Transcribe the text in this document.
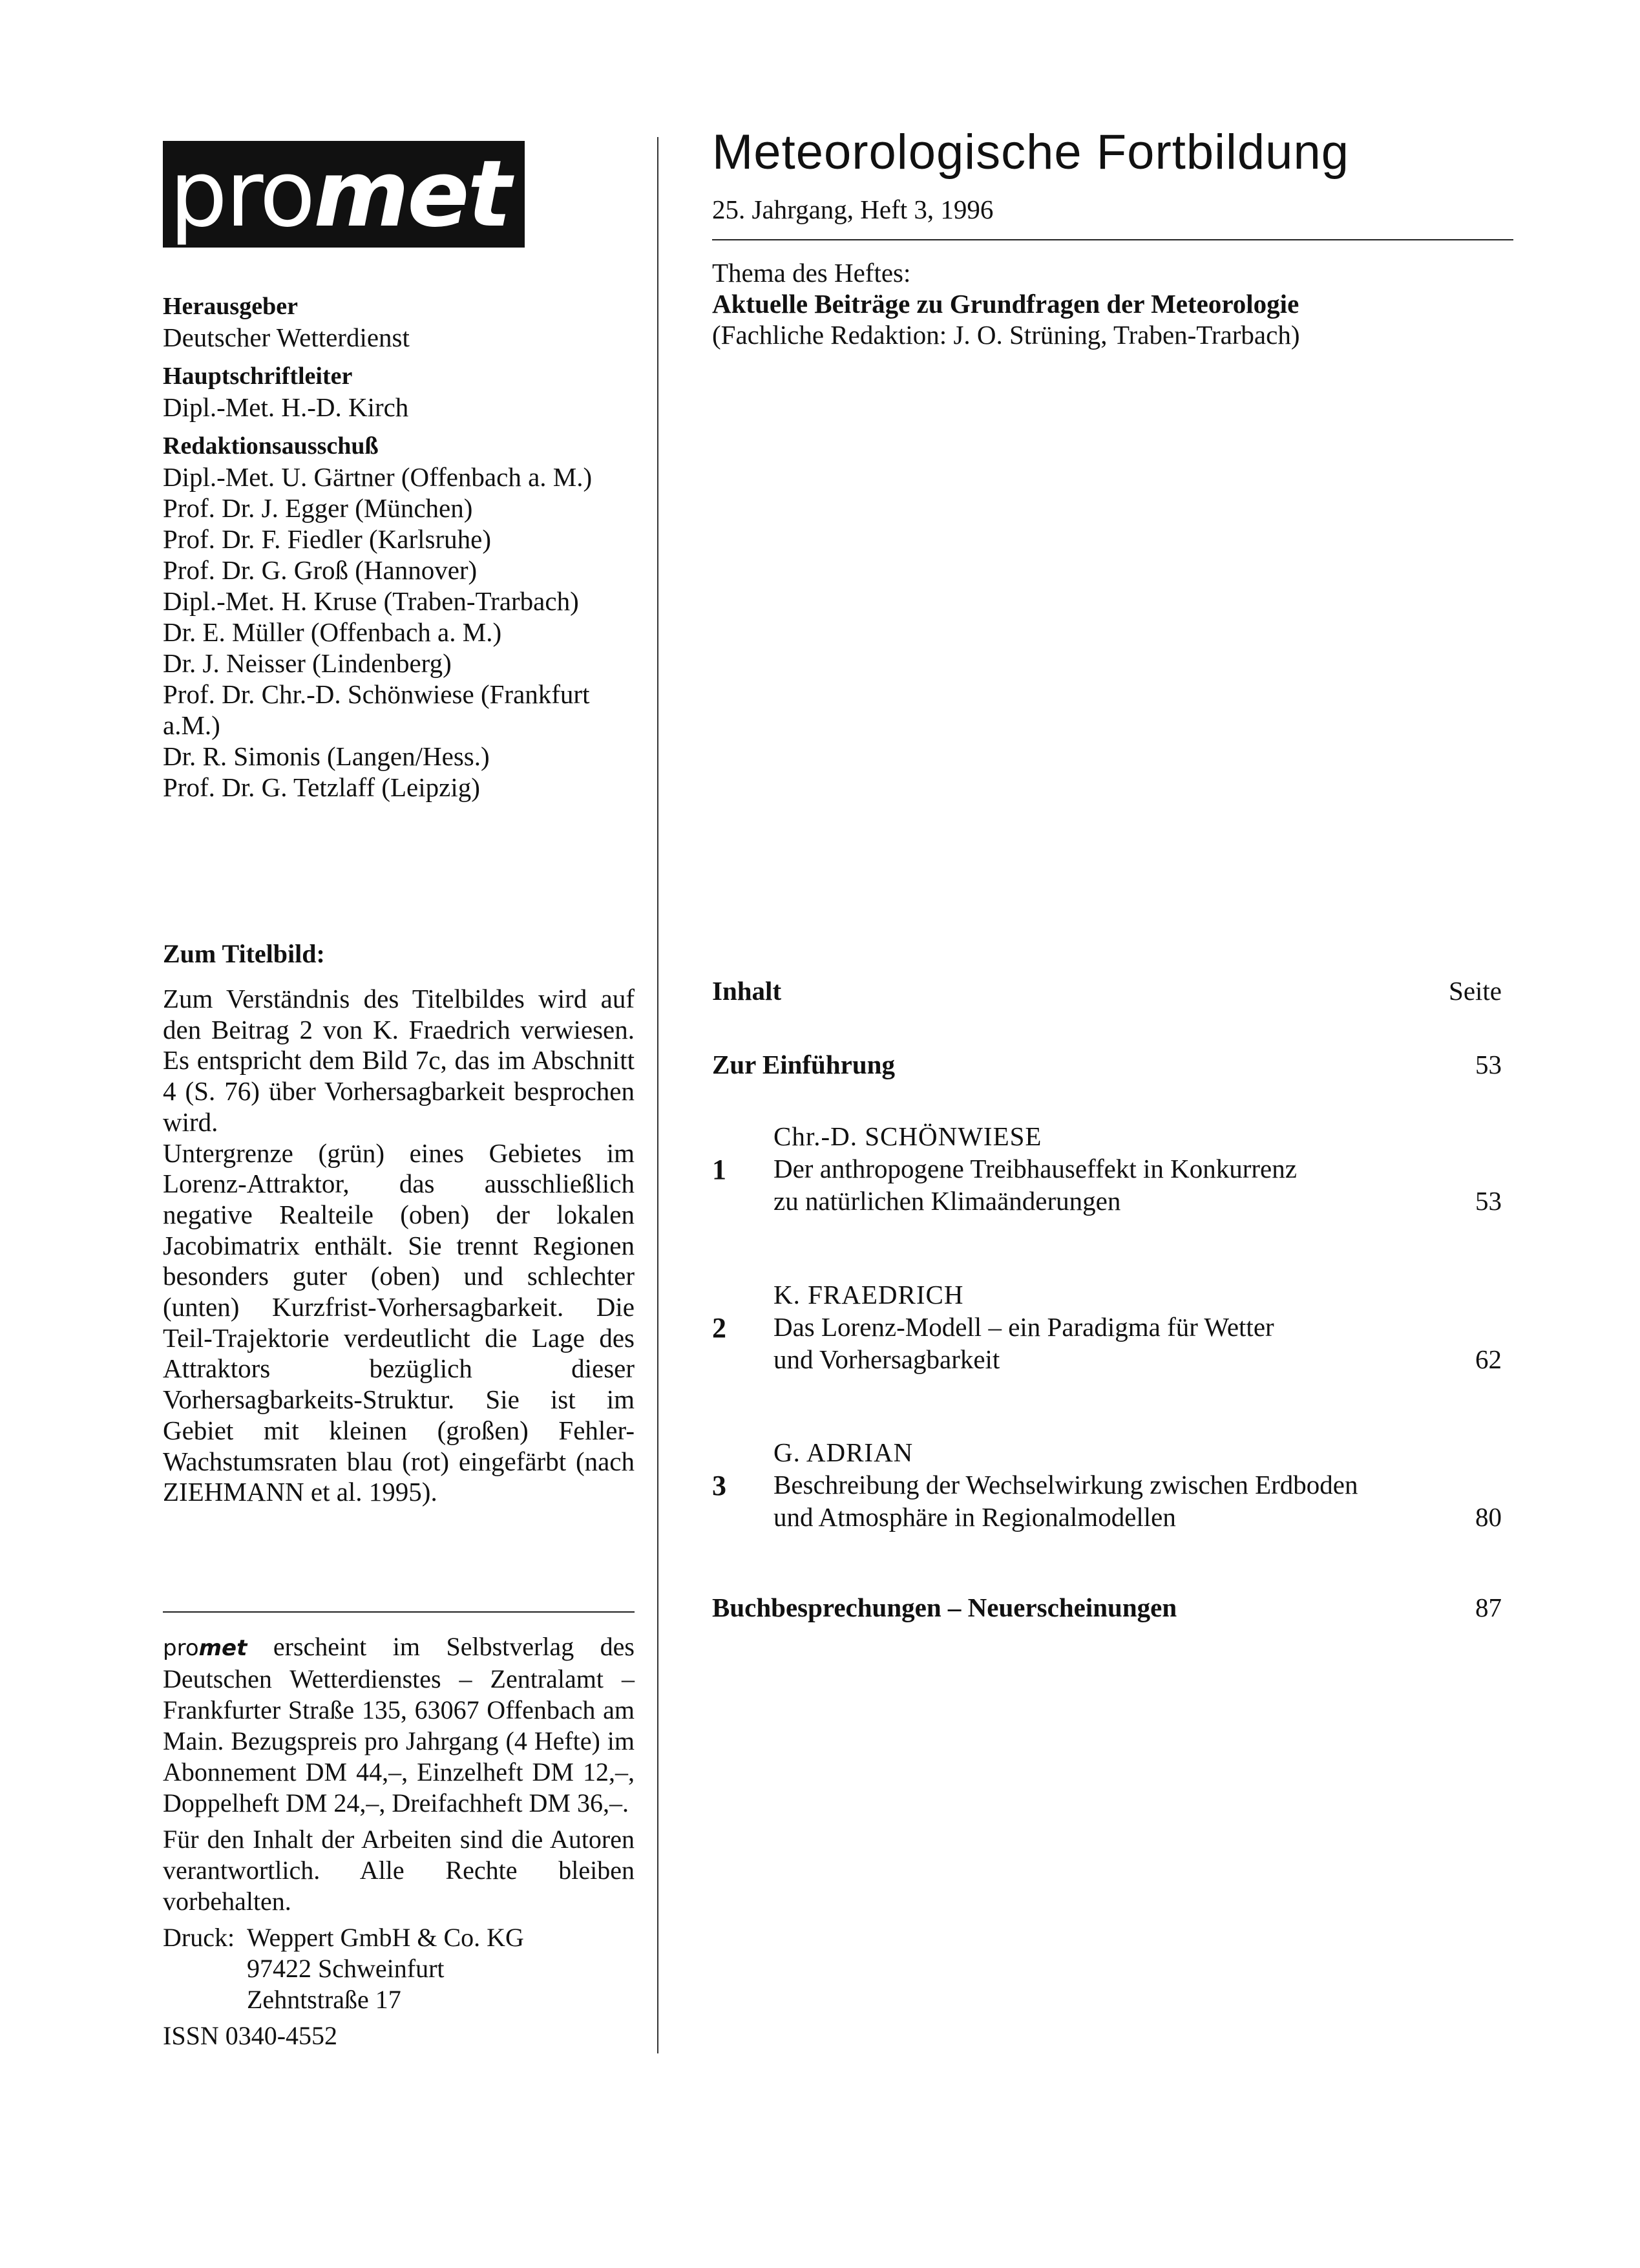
pro met
Herausgeber
Deutscher Wetterdienst
Hauptschriftleiter
Dipl.-Met. H.-D. Kirch
Redaktionsausschuß
Dipl.-Met. U. Gärtner (Offenbach a. M.)
Prof. Dr. J. Egger (München)
Prof. Dr. F. Fiedler (Karlsruhe)
Prof. Dr. G. Groß (Hannover)
Dipl.-Met. H. Kruse (Traben-Trarbach)
Dr. E. Müller (Offenbach a. M.)
Dr. J. Neisser (Lindenberg)
Prof. Dr. Chr.-D. Schönwiese (Frankfurt a.M.)
Dr. R. Simonis (Langen/Hess.)
Prof. Dr. G. Tetzlaff (Leipzig)
Zum Titelbild:

Zum Verständnis des Titelbildes wird auf den Beitrag 2 von K. Fraedrich verwiesen. Es entspricht dem Bild 7c, das im Abschnitt 4 (S. 76) über Vorhersagbarkeit besprochen wird.

Untergrenze (grün) eines Gebietes im Lorenz-Attraktor, das ausschließlich negative Realteile (oben) der lokalen Jacobimatrix enthält. Sie trennt Regionen besonders guter (oben) und schlechter (unten) Kurzfrist-Vorhersagbarkeit. Die Teil-Trajektorie verdeutlicht die Lage des Attraktors bezüglich dieser Vorhersagbarkeits-Struktur. Sie ist im Gebiet mit kleinen (großen) Fehler-Wachstumsraten blau (rot) eingefärbt (nach ZIEHMANN et al. 1995).

promet erscheint im Selbstverlag des Deutschen Wetterdienstes – Zentralamt – Frankfurter Straße 135, 63067 Offenbach am Main. Bezugspreis pro Jahrgang (4 Hefte) im Abonnement DM 44,–, Einzelheft DM 12,–, Doppelheft DM 24,–, Dreifachheft DM 36,–.

Für den Inhalt der Arbeiten sind die Autoren verantwortlich. Alle Rechte bleiben vorbehalten.

Druck: Weppert GmbH & Co. KG
97422 Schweinfurt
Zehntstraße 17
ISSN 0340-4552
Meteorologische Fortbildung
25. Jahrgang, Heft 3, 1996
Thema des Heftes:
Aktuelle Beiträge zu Grundfragen der Meteorologie
(Fachliche Redaktion: J. O. Strüning, Traben-Trarbach)
Inhalt	Seite
Zur Einführung	53
Chr.-D. SCHÖNWIESE
1 Der anthropogene Treibhauseffekt in Konkurrenz
zu natürlichen Klimaänderungen	53
K. FRAEDRICH
2 Das Lorenz-Modell – ein Paradigma für Wetter
und Vorhersagbarkeit	62
G. ADRIAN
3 Beschreibung der Wechselwirkung zwischen Erdboden
und Atmosphäre in Regionalmodellen	80
Buchbesprechungen – Neuerscheinungen	87
